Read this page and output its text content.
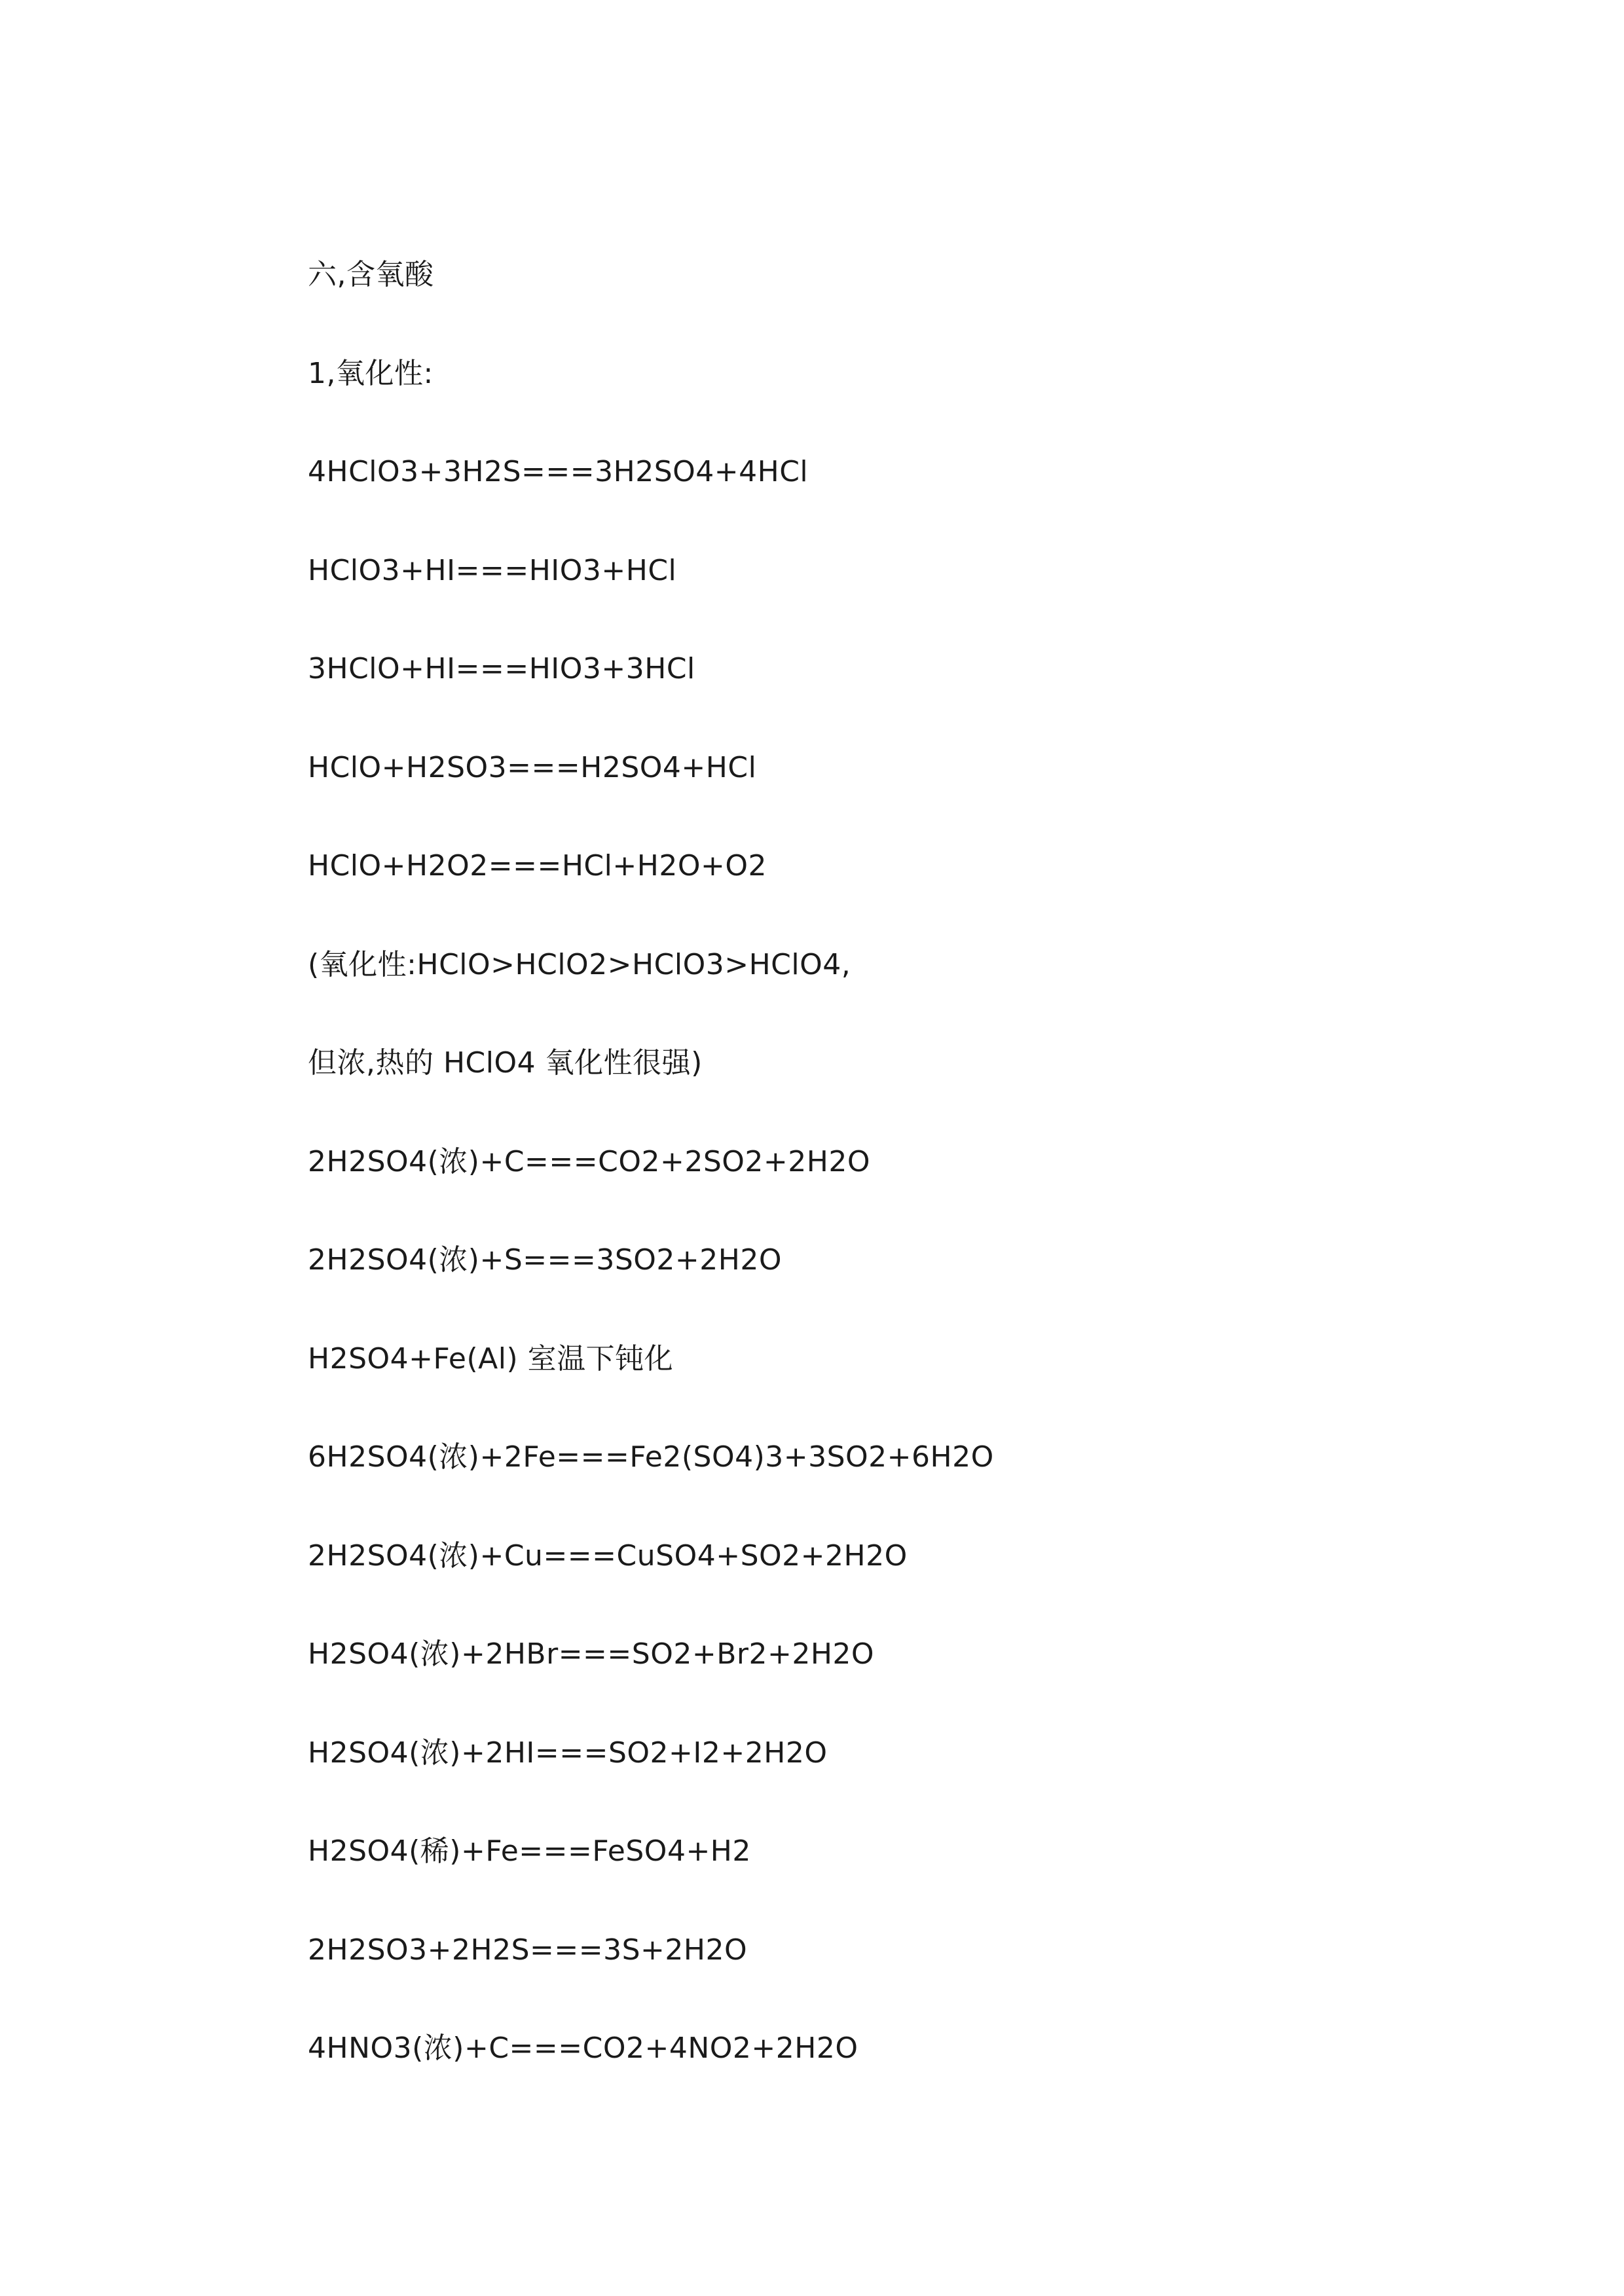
六,含氧酸
1,氧化性:
4HClO3+3H2S===3H2SO4+4HCl
HClO3+HI===HIO3+HCl
3HClO+HI===HIO3+3HCl
HClO+H2SO3===H2SO4+HCl
HClO+H2O2===HCl+H2O+O2
(氧化性:HClO>HClO2>HClO3>HClO4,
但浓,热的 HClO4 氧化性很强)
2H2SO4(浓)+C===CO2+2SO2+2H2O
2H2SO4(浓)+S===3SO2+2H2O
H2SO4+Fe(Al) 室温下钝化
6H2SO4(浓)+2Fe===Fe2(SO4)3+3SO2+6H2O
2H2SO4(浓)+Cu===CuSO4+SO2+2H2O
H2SO4(浓)+2HBr===SO2+Br2+2H2O
H2SO4(浓)+2HI===SO2+I2+2H2O
H2SO4(稀)+Fe===FeSO4+H2
2H2SO3+2H2S===3S+2H2O
4HNO3(浓)+C===CO2+4NO2+2H2O
